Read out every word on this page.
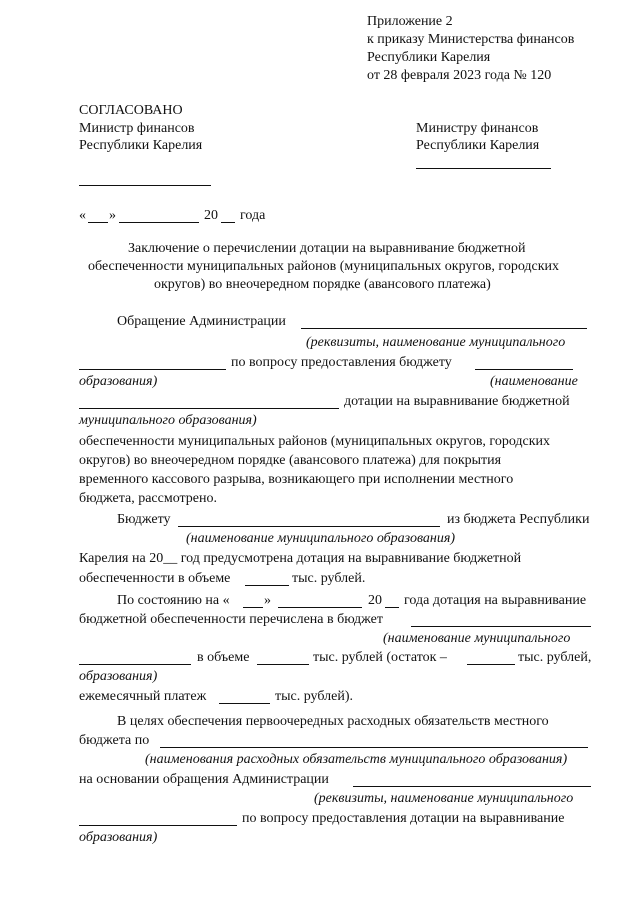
Приложение 2
к приказу Министерства финансов
Республики Карелия
от 28 февраля 2023 года № 120
СОГЛАСОВАНО
Министр финансов
Республики Карелия
Министру финансов
Республики Карелия
« »	20 года
Заключение о перечислении дотации на выравнивание бюджетной
обеспеченности муниципальных районов (муниципальных округов, городских
округов) во внеочередном порядке (авансового платежа)
Обращение Администрации
(реквизиты, наименование муниципального
по вопросу предоставления бюджету
образования)	(наименование
дотации на выравнивание бюджетной
муниципального образования)
обеспеченности муниципальных районов (муниципальных округов, городских
округов) во внеочередном порядке (авансового платежа) для покрытия
временного кассового разрыва, возникающего при исполнении местного
бюджета, рассмотрено.
Бюджету	из бюджета Республики
(наименование муниципального образования)
Карелия на 20__ год предусмотрена дотация на выравнивание бюджетной
обеспеченности в объеме	тыс. рублей.
По состоянию на « »	20 года дотация на выравнивание
бюджетной обеспеченности перечислена в бюджет
(наименование муниципального
в объеме	тыс. рублей (остаток –	тыс. рублей,
образования)
ежемесячный платеж	тыс. рублей).
В целях обеспечения первоочередных расходных обязательств местного
бюджета по
(наименования расходных обязательств муниципального образования)
на основании обращения Администрации
(реквизиты, наименование муниципального
по вопросу предоставления дотации на выравнивание
образования)
